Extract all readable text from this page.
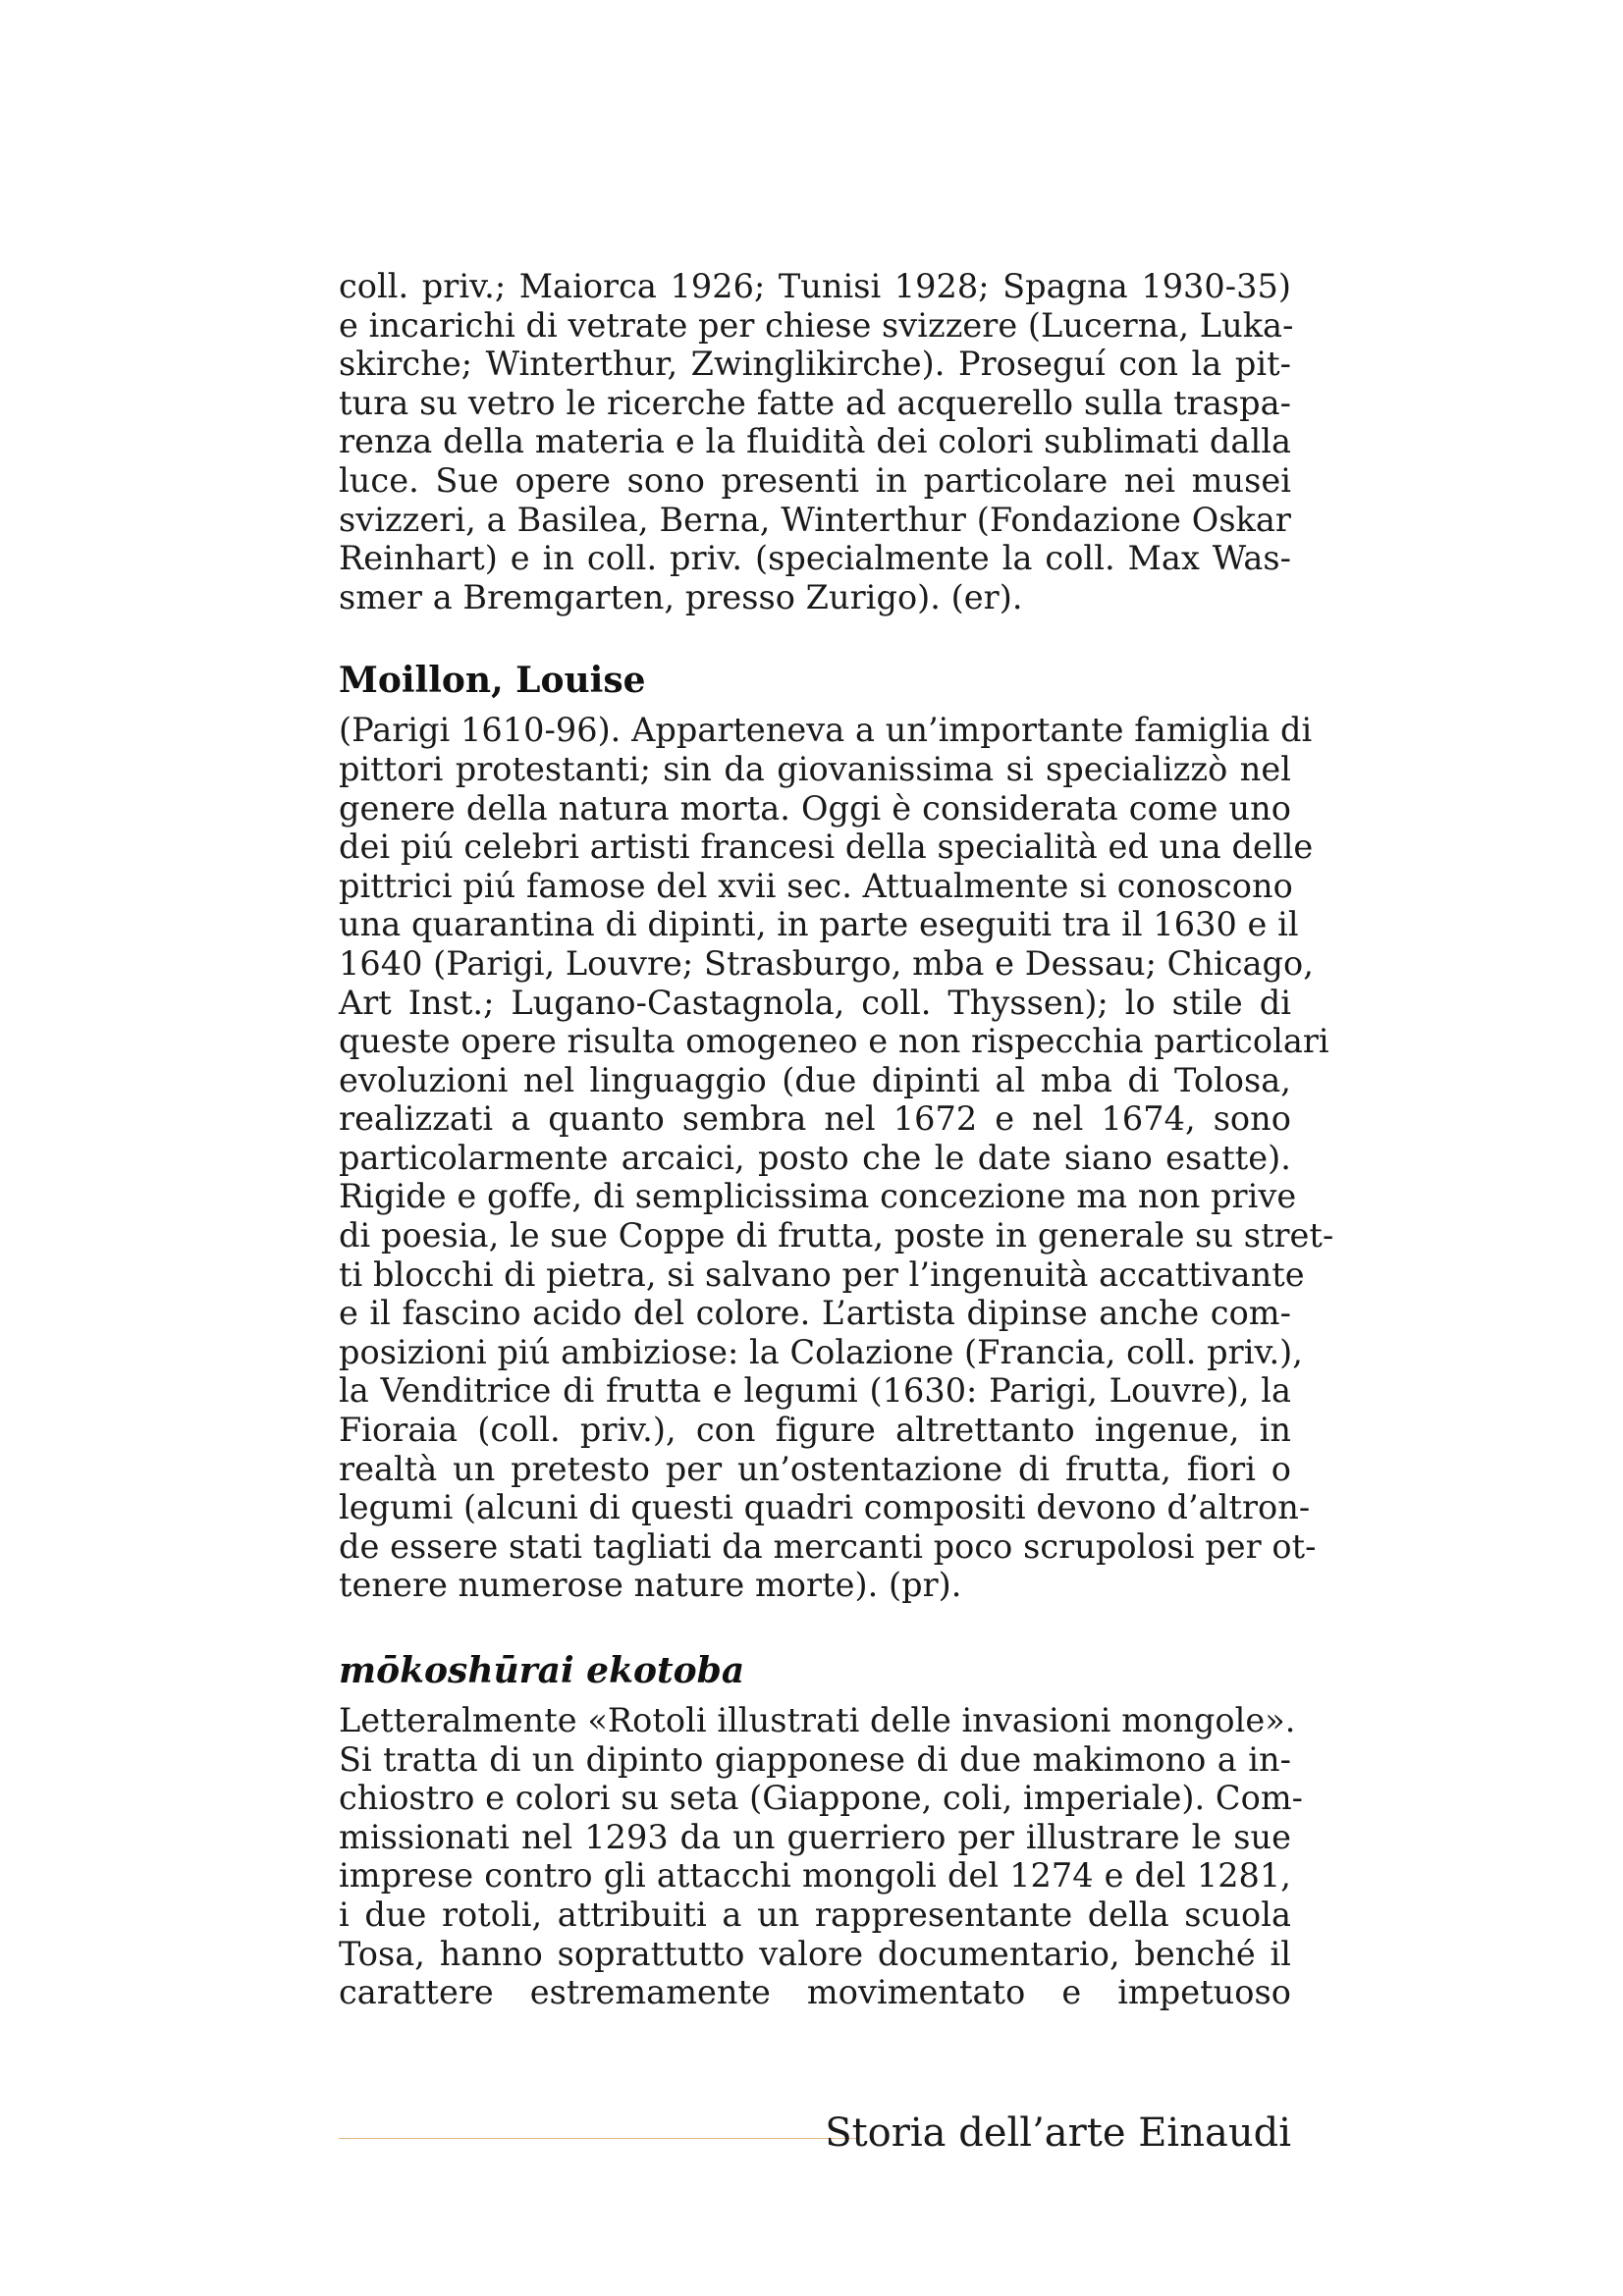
coll. priv.; Maiorca 1926; Tunisi 1928; Spagna 1930-35)
e incarichi di vetrate per chiese svizzere (Lucerna, Luka-
skirche; Winterthur, Zwinglikirche). Proseguí con la pit-
tura su vetro le ricerche fatte ad acquerello sulla traspa-
renza della materia e la fluidità dei colori sublimati dalla
luce. Sue opere sono presenti in particolare nei musei
svizzeri, a Basilea, Berna, Winterthur (Fondazione Oskar
Reinhart) e in coll. priv. (specialmente la coll. Max Was-
smer a Bremgarten, presso Zurigo). (er).

Moillon, Louise

(Parigi 1610-96). Apparteneva a un’importante famiglia di
pittori protestanti; sin da giovanissima si specializzò nel
genere della natura morta. Oggi è considerata come uno
dei piú celebri artisti francesi della specialità ed una delle
pittrici piú famose del xvii sec. Attualmente si conoscono
una quarantina di dipinti, in parte eseguiti tra il 1630 e il
1640 (Parigi, Louvre; Strasburgo, mba e Dessau; Chicago,
Art Inst.; Lugano-Castagnola, coll. Thyssen); lo stile di
queste opere risulta omogeneo e non rispecchia particolari
evoluzioni nel linguaggio (due dipinti al mba di Tolosa,
realizzati a quanto sembra nel 1672 e nel 1674, sono
particolarmente arcaici, posto che le date siano esatte).
Rigide e goffe, di semplicissima concezione ma non prive
di poesia, le sue Coppe di frutta, poste in generale su stret-
ti blocchi di pietra, si salvano per l’ingenuità accattivante
e il fascino acido del colore. L’artista dipinse anche com-
posizioni piú ambiziose: la Colazione (Francia, coll. priv.),
la Venditrice di frutta e legumi (1630: Parigi, Louvre), la
Fioraia (coll. priv.), con figure altrettanto ingenue, in
realtà un pretesto per un’ostentazione di frutta, fiori o
legumi (alcuni di questi quadri compositi devono d’altron-
de essere stati tagliati da mercanti poco scrupolosi per ot-
tenere numerose nature morte). (pr).

mōkoshūrai ekotoba

Letteralmente «Rotoli illustrati delle invasioni mongole».
Si tratta di un dipinto giapponese di due makimono a in-
chiostro e colori su seta (Giappone, coli, imperiale). Com-
missionati nel 1293 da un guerriero per illustrare le sue
imprese contro gli attacchi mongoli del 1274 e del 1281,
i due rotoli, attribuiti a un rappresentante della scuola
Tosa, hanno soprattutto valore documentario, benché il
carattere estremamente movimentato e impetuoso

Storia dell’arte Einaudi
